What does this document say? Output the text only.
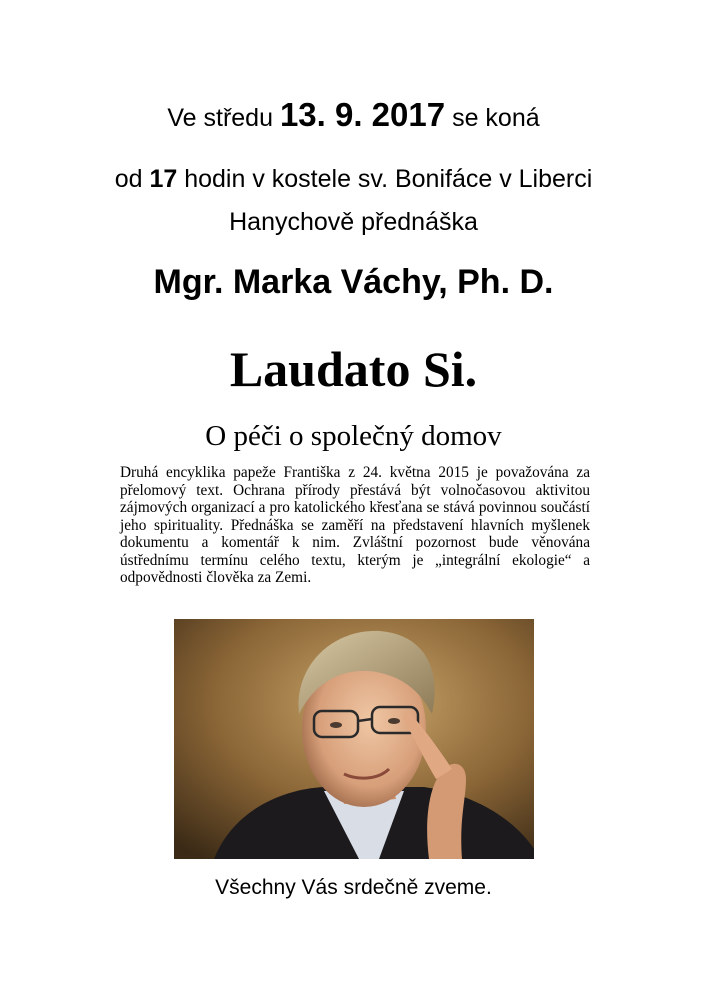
Ve středu 13. 9. 2017 se koná
od 17 hodin v kostele sv. Bonifáce v Liberci
Hanychově přednáška
Mgr. Marka Váchy, Ph. D.
Laudato Si.
O péči o společný domov
Druhá encyklika papeže Františka z 24. května 2015 je považována za přelomový text. Ochrana přírody přestává být volnočasovou aktivitou zájmových organizací a pro katolického křesťana se stává povinnou součástí jeho spirituality. Přednáška se zaměří na představení hlavních myšlenek dokumentu a komentář k nim. Zvláštní pozornost bude věnována ústřednímu termínu celého textu, kterým je „integrální ekologie“ a odpovědnosti člověka za Zemi.
Všechny Vás srdečně zveme.
